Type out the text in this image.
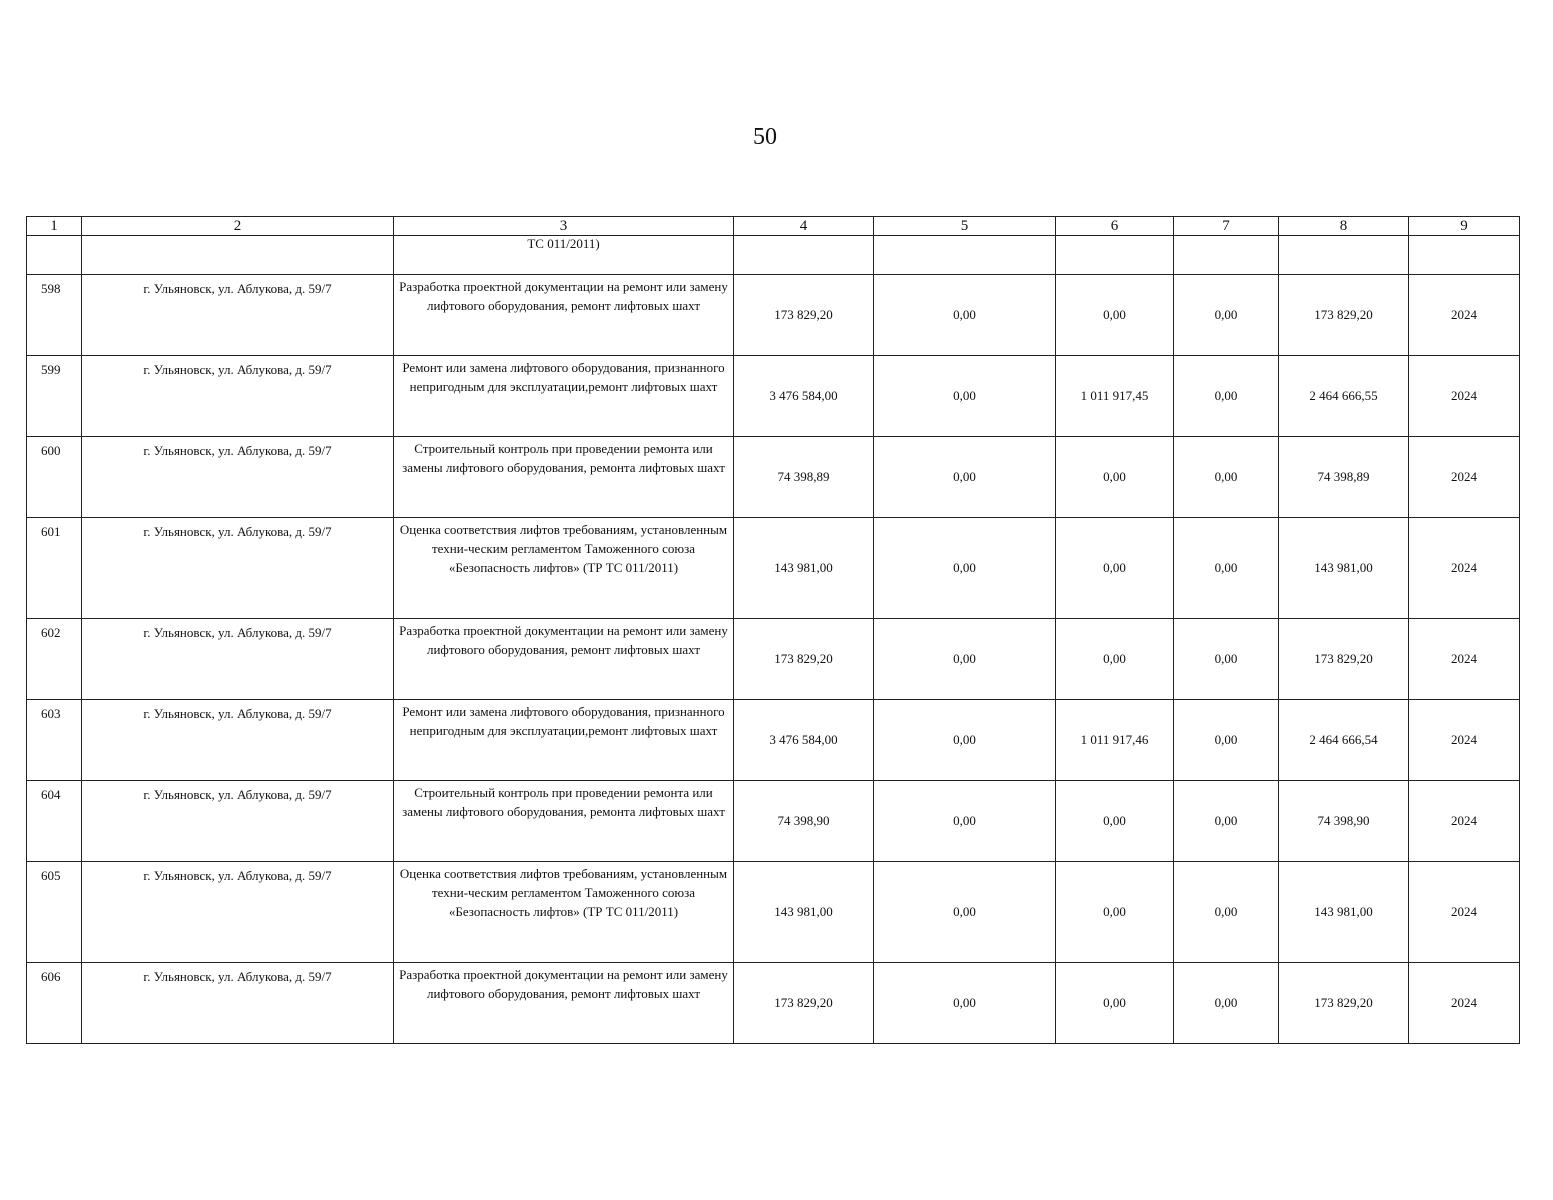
50
1	2	3	4	5	6	7	8	9
		ТС 011/2011)						
598	г. Ульяновск, ул. Аблукова, д. 59/7	Разработка проектной документации на ремонт или замену лифтового оборудования, ремонт лифтовых шахт	173 829,20	0,00	0,00	0,00	173 829,20	2024
599	г. Ульяновск, ул. Аблукова, д. 59/7	Ремонт или замена лифтового оборудования, признанного непригодным для эксплуатации,ремонт лифтовых шахт	3 476 584,00	0,00	1 011 917,45	0,00	2 464 666,55	2024
600	г. Ульяновск, ул. Аблукова, д. 59/7	Строительный контроль при проведении ремонта или замены лифтового оборудования, ремонта лифтовых шахт	74 398,89	0,00	0,00	0,00	74 398,89	2024
601	г. Ульяновск, ул. Аблукова, д. 59/7	Оценка соответствия лифтов требованиям, установленным техни-ческим регламентом Таможенного союза «Безопасность лифтов» (ТР ТС 011/2011)	143 981,00	0,00	0,00	0,00	143 981,00	2024
602	г. Ульяновск, ул. Аблукова, д. 59/7	Разработка проектной документации на ремонт или замену лифтового оборудования, ремонт лифтовых шахт	173 829,20	0,00	0,00	0,00	173 829,20	2024
603	г. Ульяновск, ул. Аблукова, д. 59/7	Ремонт или замена лифтового оборудования, признанного непригодным для эксплуатации,ремонт лифтовых шахт	3 476 584,00	0,00	1 011 917,46	0,00	2 464 666,54	2024
604	г. Ульяновск, ул. Аблукова, д. 59/7	Строительный контроль при проведении ремонта или замены лифтового оборудования, ремонта лифтовых шахт	74 398,90	0,00	0,00	0,00	74 398,90	2024
605	г. Ульяновск, ул. Аблукова, д. 59/7	Оценка соответствия лифтов требованиям, установленным техни-ческим регламентом Таможенного союза «Безопасность лифтов» (ТР ТС 011/2011)	143 981,00	0,00	0,00	0,00	143 981,00	2024
606	г. Ульяновск, ул. Аблукова, д. 59/7	Разработка проектной документации на ремонт или замену лифтового оборудования, ремонт лифтовых шахт	173 829,20	0,00	0,00	0,00	173 829,20	2024
